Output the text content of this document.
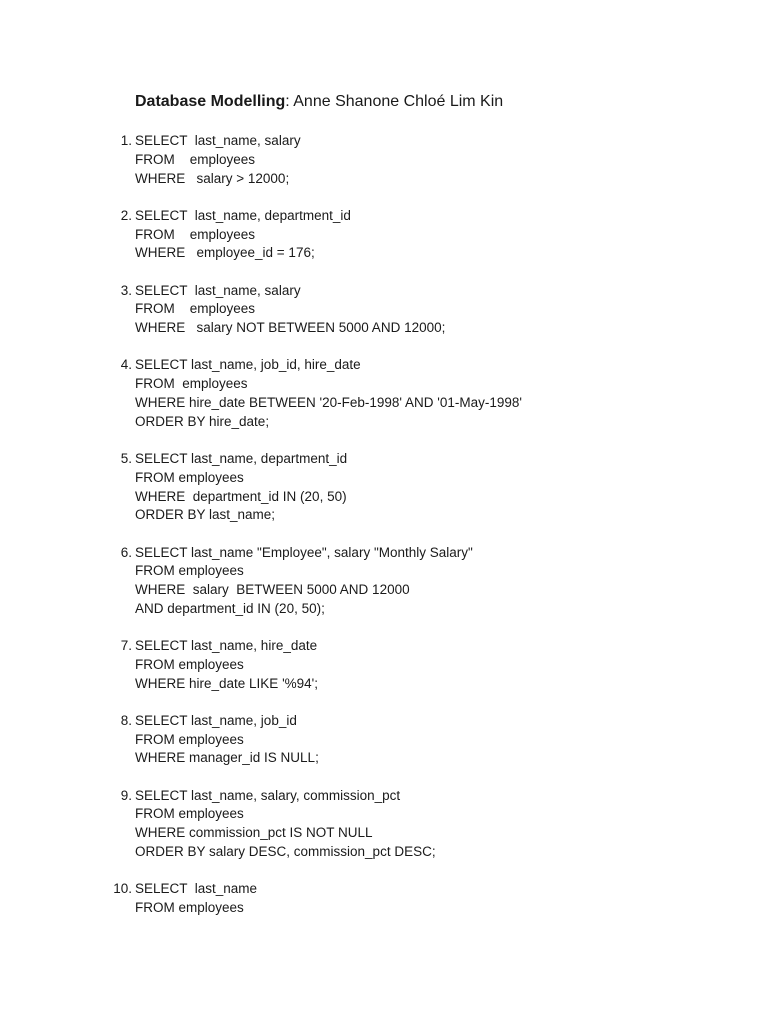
Database Modelling: Anne Shanone Chloé Lim Kin
1. SELECT  last_name, salary
FROM    employees
WHERE   salary > 12000;
2. SELECT  last_name, department_id
FROM    employees
WHERE   employee_id = 176;
3. SELECT  last_name, salary
FROM    employees
WHERE   salary NOT BETWEEN 5000 AND 12000;
4. SELECT last_name, job_id, hire_date
FROM  employees
WHERE hire_date BETWEEN '20-Feb-1998' AND '01-May-1998'
ORDER BY hire_date;
5. SELECT last_name, department_id
FROM employees
WHERE  department_id IN (20, 50)
ORDER BY last_name;
6. SELECT last_name "Employee", salary "Monthly Salary"
FROM employees
WHERE  salary  BETWEEN 5000 AND 12000
AND department_id IN (20, 50);
7. SELECT last_name, hire_date
FROM employees
WHERE hire_date LIKE '%94';
8. SELECT last_name, job_id
FROM employees
WHERE manager_id IS NULL;
9. SELECT last_name, salary, commission_pct
FROM employees
WHERE commission_pct IS NOT NULL
ORDER BY salary DESC, commission_pct DESC;
10. SELECT  last_name
FROM employees
